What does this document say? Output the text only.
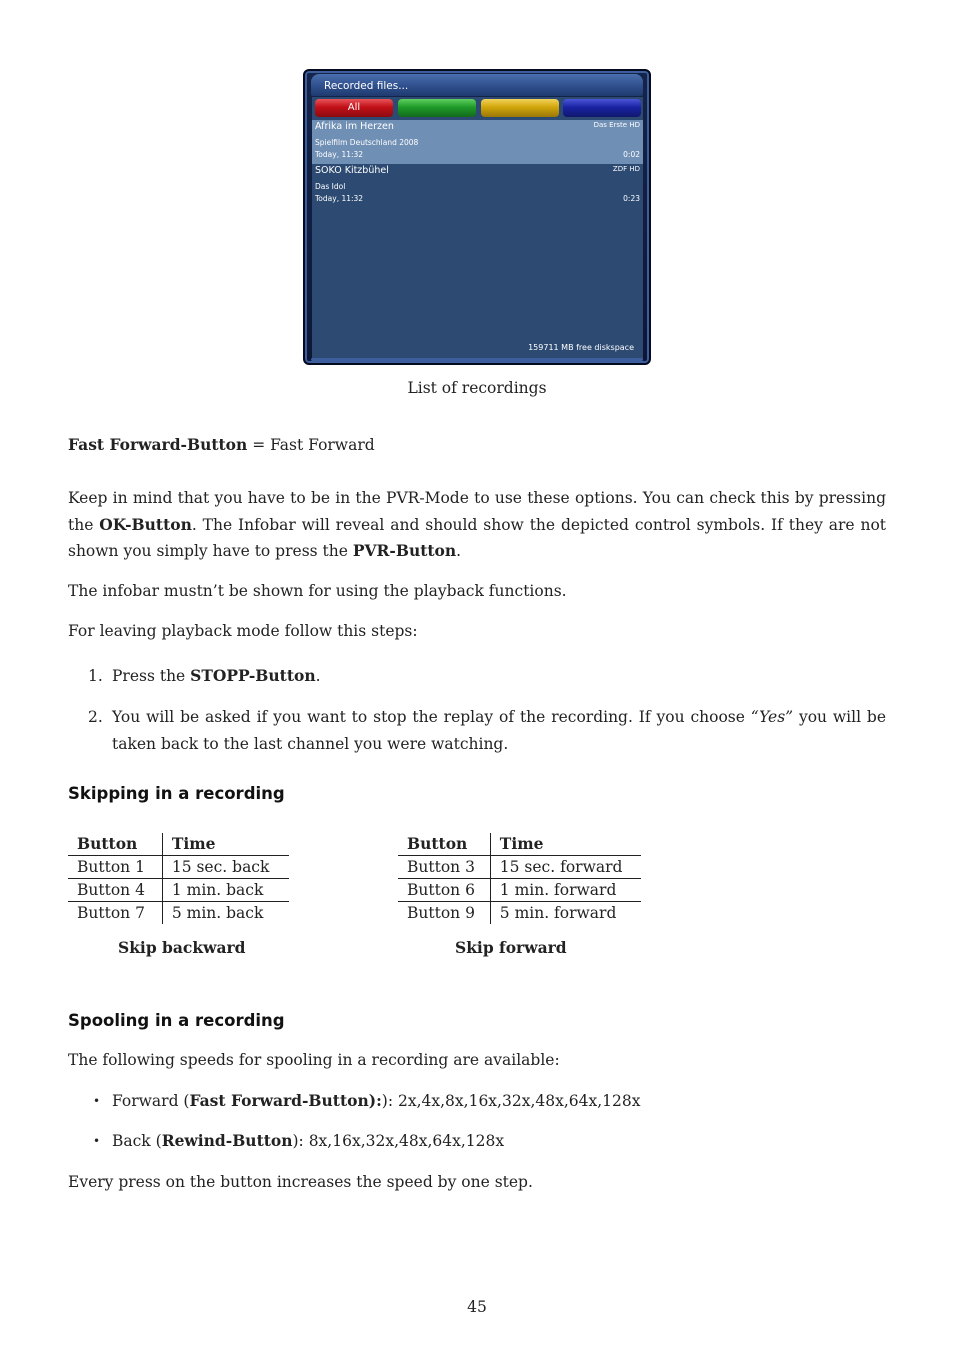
Recorded files...
All
Afrika im Herzen	Das Erste HD
Spielfilm Deutschland 2008
Today, 11:32	0:02
SOKO Kitzbühel	ZDF HD
Das Idol
Today, 11:32	0:23
159711 MB free diskspace
List of recordings
Fast Forward-Button = Fast Forward
Keep in mind that you have to be in the PVR-Mode to use these options. You can check this by pressing the OK-Button. The Infobar will reveal and should show the depicted control symbols. If they are not shown you simply have to press the PVR-Button.
The infobar mustn’t be shown for using the playback functions.
For leaving playback mode follow this steps:
1. Press the STOPP-Button.
2. You will be asked if you want to stop the replay of the recording. If you choose “Yes” you will be taken back to the last channel you were watching.
Skipping in a recording
Button	Time
Button 1	15 sec. back
Button 4	1 min. back
Button 7	5 min. back
Skip backward
Button	Time
Button 3	15 sec. forward
Button 6	1 min. forward
Button 9	5 min. forward
Skip forward
Spooling in a recording
The following speeds for spooling in a recording are available:
• Forward (Fast Forward-Button):): 2x,4x,8x,16x,32x,48x,64x,128x
• Back (Rewind-Button): 8x,16x,32x,48x,64x,128x
Every press on the button increases the speed by one step.
45
